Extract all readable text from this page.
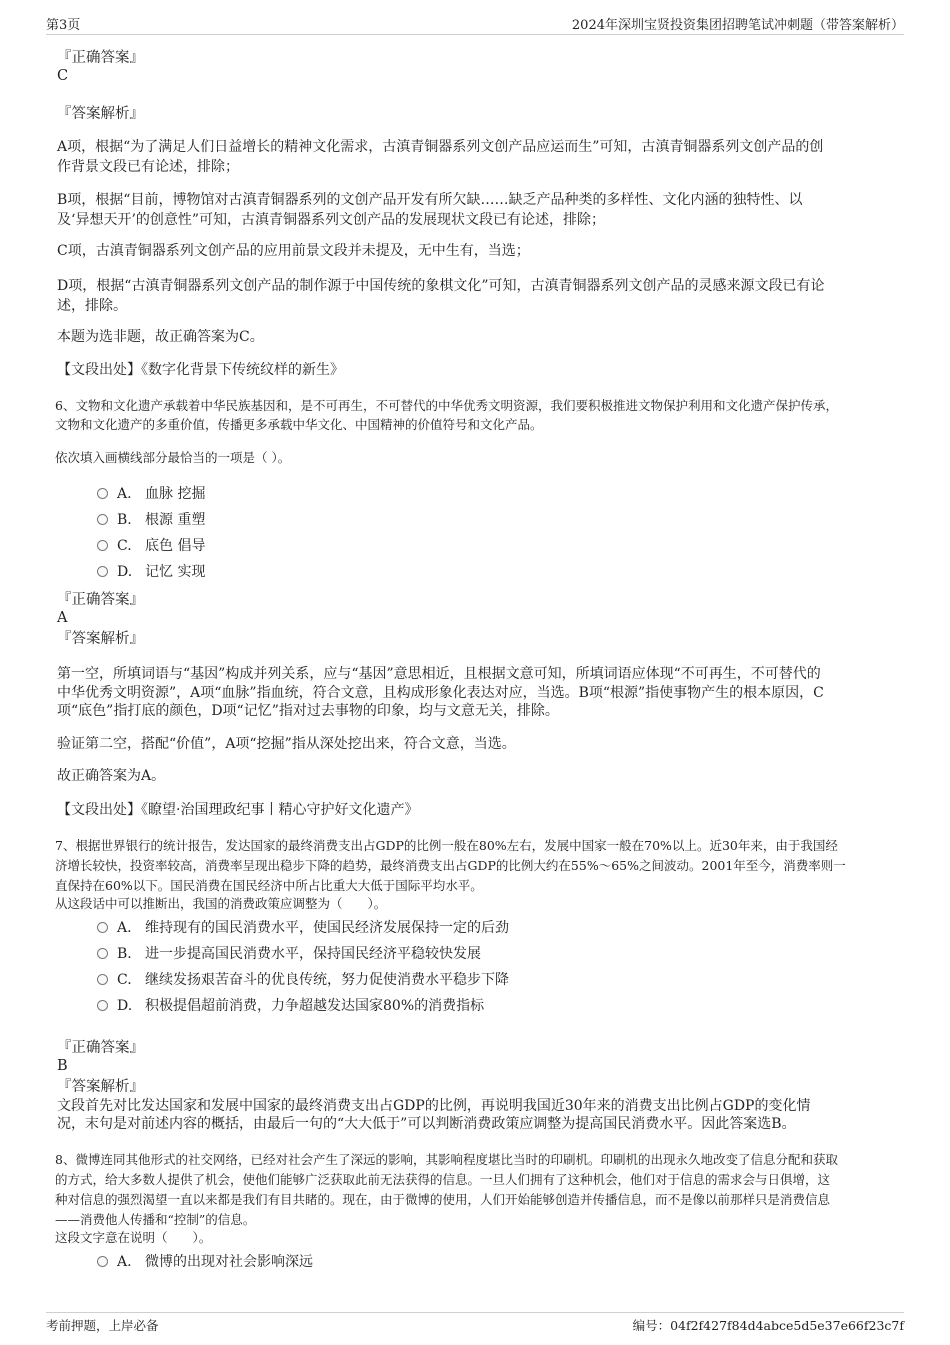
第3页	2024年深圳宝贤投资集团招聘笔试冲刺题（带答案解析）
『正确答案』
C
『答案解析』
A项，根据“为了满足人们日益增长的精神文化需求，古滇青铜器系列文创产品应运而生”可知，古滇青铜器系列文创产品的创
作背景文段已有论述，排除；
B项，根据“目前，博物馆对古滇青铜器系列的文创产品开发有所欠缺……缺乏产品种类的多样性、文化内涵的独特性、以
及‘异想天开’的创意性”可知，古滇青铜器系列文创产品的发展现状文段已有论述，排除；
C项，古滇青铜器系列文创产品的应用前景文段并未提及，无中生有，当选；
D项，根据“古滇青铜器系列文创产品的制作源于中国传统的象棋文化”可知，古滇青铜器系列文创产品的灵感来源文段已有论
述，排除。
本题为选非题，故正确答案为C。
【文段出处】《数字化背景下传统纹样的新生》
6、文物和文化遗产承载着中华民族基因和，是不可再生，不可替代的中华优秀文明资源，我们要积极推进文物保护利用和文化遗产保护传承，
文物和文化遗产的多重价值，传播更多承载中华文化、中国精神的价值符号和文化产品。
依次填入画横线部分最恰当的一项是（ ）。
A. 血脉 挖掘
B. 根源 重塑
C. 底色 倡导
D. 记忆 实现
『正确答案』
A
『答案解析』
第一空，所填词语与“基因”构成并列关系，应与“基因”意思相近，且根据文意可知，所填词语应体现“不可再生，不可替代的
中华优秀文明资源”，A项“血脉”指血统，符合文意，且构成形象化表达对应，当选。B项“根源”指使事物产生的根本原因，C
项“底色”指打底的颜色，D项“记忆”指对过去事物的印象，均与文意无关，排除。
验证第二空，搭配“价值”，A项“挖掘”指从深处挖出来，符合文意，当选。
故正确答案为A。
【文段出处】《瞭望·治国理政纪事丨精心守护好文化遗产》
7、根据世界银行的统计报告，发达国家的最终消费支出占GDP的比例一般在80%左右，发展中国家一般在70%以上。近30年来，由于我国经
济增长较快，投资率较高，消费率呈现出稳步下降的趋势，最终消费支出占GDP的比例大约在55%～65%之间波动。2001年至今，消费率则一
直保持在60%以下。国民消费在国民经济中所占比重大大低于国际平均水平。
从这段话中可以推断出，我国的消费政策应调整为（　　）。
A. 维持现有的国民消费水平，使国民经济发展保持一定的后劲
B. 进一步提高国民消费水平，保持国民经济平稳较快发展
C. 继续发扬艰苦奋斗的优良传统，努力促使消费水平稳步下降
D. 积极提倡超前消费，力争超越发达国家80%的消费指标
『正确答案』
B
『答案解析』
文段首先对比发达国家和发展中国家的最终消费支出占GDP的比例，再说明我国近30年来的消费支出比例占GDP的变化情
况，末句是对前述内容的概括，由最后一句的“大大低于”可以判断消费政策应调整为提高国民消费水平。因此答案选B。
8、微博连同其他形式的社交网络，已经对社会产生了深远的影响，其影响程度堪比当时的印刷机。印刷机的出现永久地改变了信息分配和获取
的方式，给大多数人提供了机会，使他们能够广泛获取此前无法获得的信息。一旦人们拥有了这种机会，他们对于信息的需求会与日俱增，这
种对信息的强烈渴望一直以来都是我们有目共睹的。现在，由于微博的使用，人们开始能够创造并传播信息，而不是像以前那样只是消费信息
——消费他人传播和“控制”的信息。
这段文字意在说明（　　）。
A. 微博的出现对社会影响深远
考前押题，上岸必备	编号：04f2f427f84d4abce5d5e37e66f23c7f
